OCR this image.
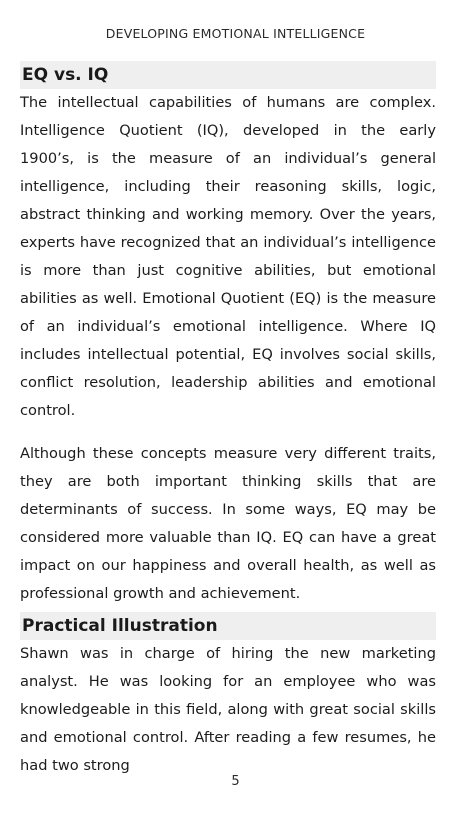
DEVELOPING EMOTIONAL INTELLIGENCE
EQ vs. IQ

The intellectual capabilities of humans are complex. Intelligence Quotient (IQ), developed in the early 1900’s, is the measure of an individual’s general intelligence, including their reasoning skills, logic, abstract thinking and working memory. Over the years, experts have recognized that an individual’s intelligence is more than just cognitive abilities, but emotional abilities as well. Emotional Quotient (EQ) is the measure of an individual’s emotional intelligence. Where IQ includes intellectual potential, EQ involves social skills, conflict resolution, leadership abilities and emotional control.

Although these concepts measure very different traits, they are both important thinking skills that are determinants of success. In some ways, EQ may be considered more valuable than IQ. EQ can have a great impact on our happiness and overall health, as well as professional growth and achievement.

Practical Illustration

Shawn was in charge of hiring the new marketing analyst. He was looking for an employee who was knowledgeable in this field, along with great social skills and emotional control. After reading a few resumes, he had two strong

5
